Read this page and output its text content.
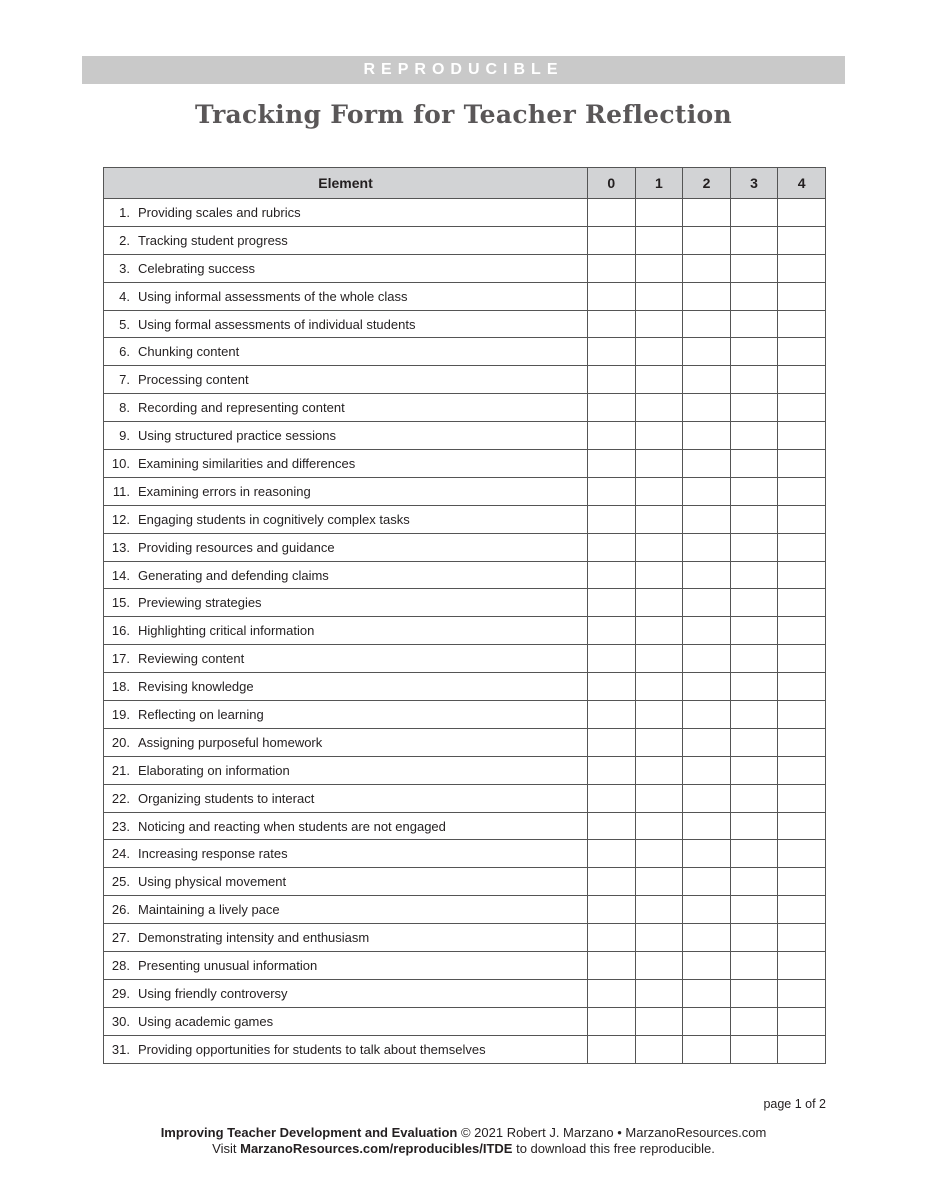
REPRODUCIBLE
Tracking Form for Teacher Reflection
Element	0	1	2	3	4
1. Providing scales and rubrics					
2. Tracking student progress					
3. Celebrating success					
4. Using informal assessments of the whole class					
5. Using formal assessments of individual students					
6. Chunking content					
7. Processing content					
8. Recording and representing content					
9. Using structured practice sessions					
10. Examining similarities and differences					
11. Examining errors in reasoning					
12. Engaging students in cognitively complex tasks					
13. Providing resources and guidance					
14. Generating and defending claims					
15. Previewing strategies					
16. Highlighting critical information					
17. Reviewing content					
18. Revising knowledge					
19. Reflecting on learning					
20. Assigning purposeful homework					
21. Elaborating on information					
22. Organizing students to interact					
23. Noticing and reacting when students are not engaged					
24. Increasing response rates					
25. Using physical movement					
26. Maintaining a lively pace					
27. Demonstrating intensity and enthusiasm					
28. Presenting unusual information					
29. Using friendly controversy					
30. Using academic games					
31. Providing opportunities for students to talk about themselves					
page 1 of 2
Improving Teacher Development and Evaluation © 2021 Robert J. Marzano • MarzanoResources.com
Visit MarzanoResources.com/reproducibles/ITDE to download this free reproducible.
